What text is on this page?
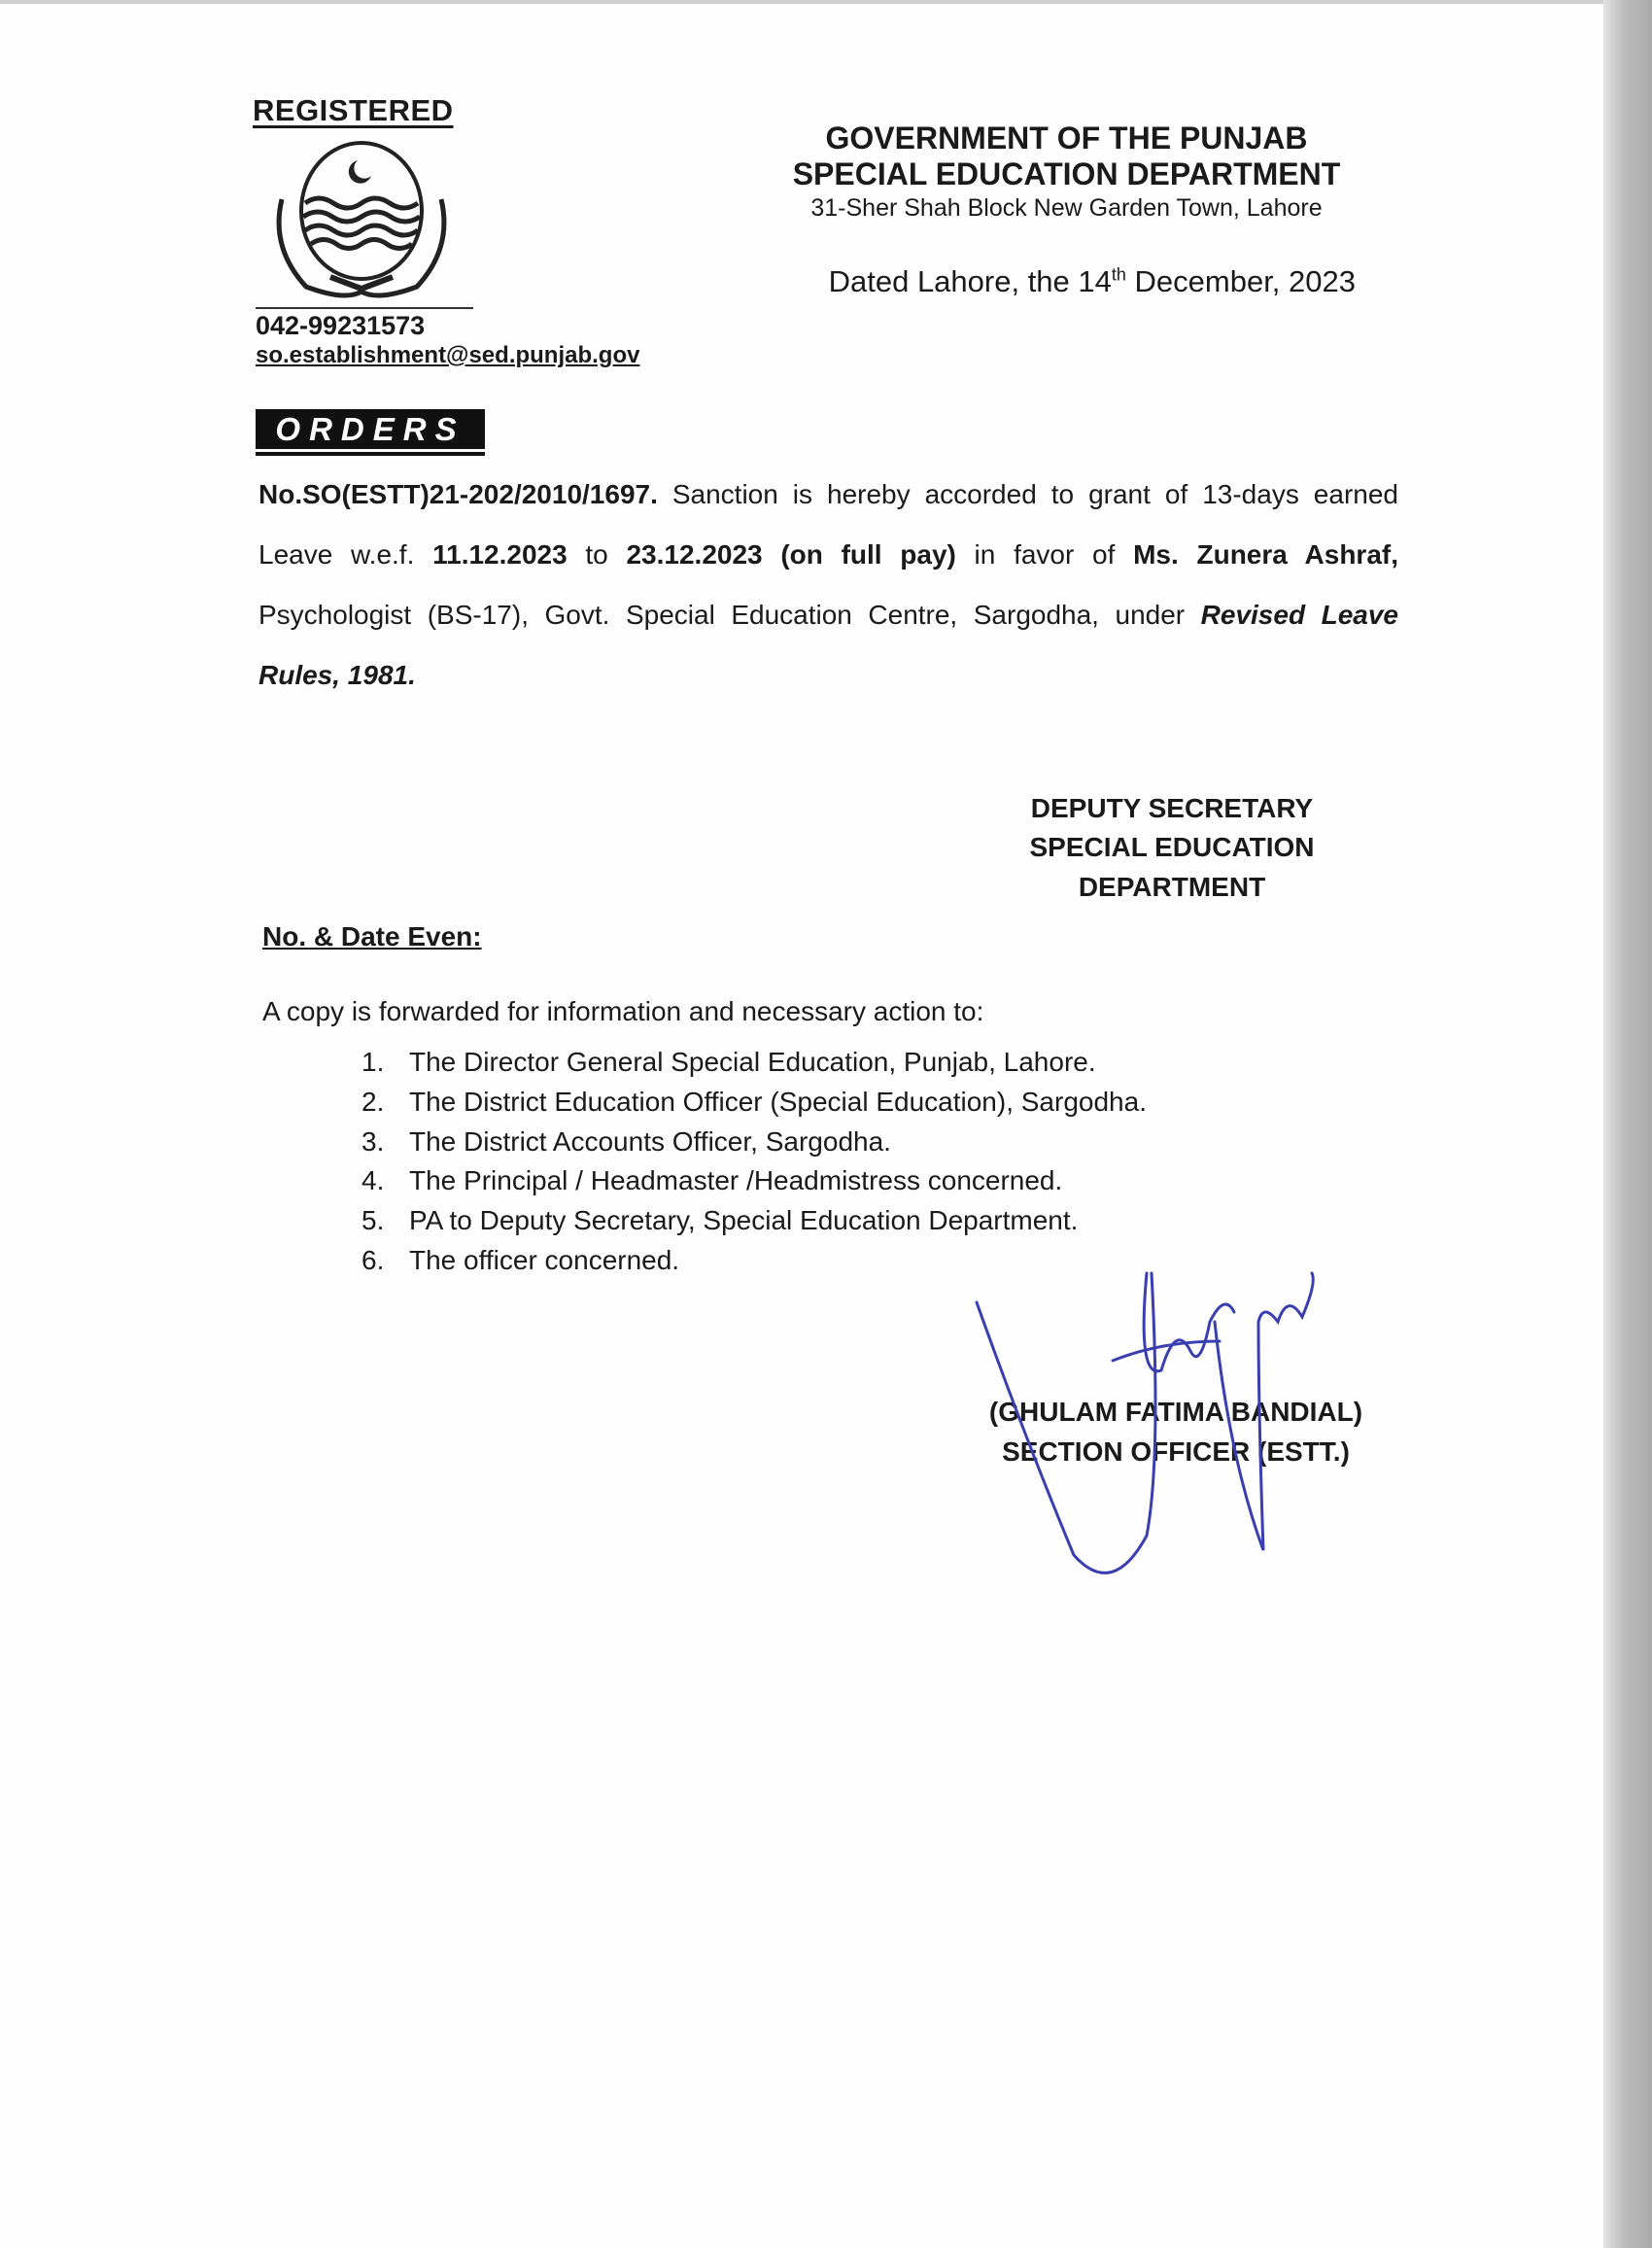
REGISTERED
042-99231573
so.establishment@sed.punjab.gov
GOVERNMENT OF THE PUNJAB
SPECIAL EDUCATION DEPARTMENT
31-Sher Shah Block New Garden Town, Lahore
Dated Lahore, the 14th December, 2023
ORDERS
No.SO(ESTT)21-202/2010/1697. Sanction is hereby accorded to grant of 13-days earned Leave w.e.f. 11.12.2023 to 23.12.2023 (on full pay) in favor of Ms. Zunera Ashraf, Psychologist (BS-17), Govt. Special Education Centre, Sargodha, under Revised Leave Rules, 1981.
DEPUTY SECRETARY
SPECIAL EDUCATION
DEPARTMENT
No. & Date Even:
A copy is forwarded for information and necessary action to:
1. The Director General Special Education, Punjab, Lahore.
2. The District Education Officer (Special Education), Sargodha.
3. The District Accounts Officer, Sargodha.
4. The Principal / Headmaster /Headmistress concerned.
5. PA to Deputy Secretary, Special Education Department.
6. The officer concerned.
(GHULAM FATIMA BANDIAL)
SECTION OFFICER (ESTT.)
